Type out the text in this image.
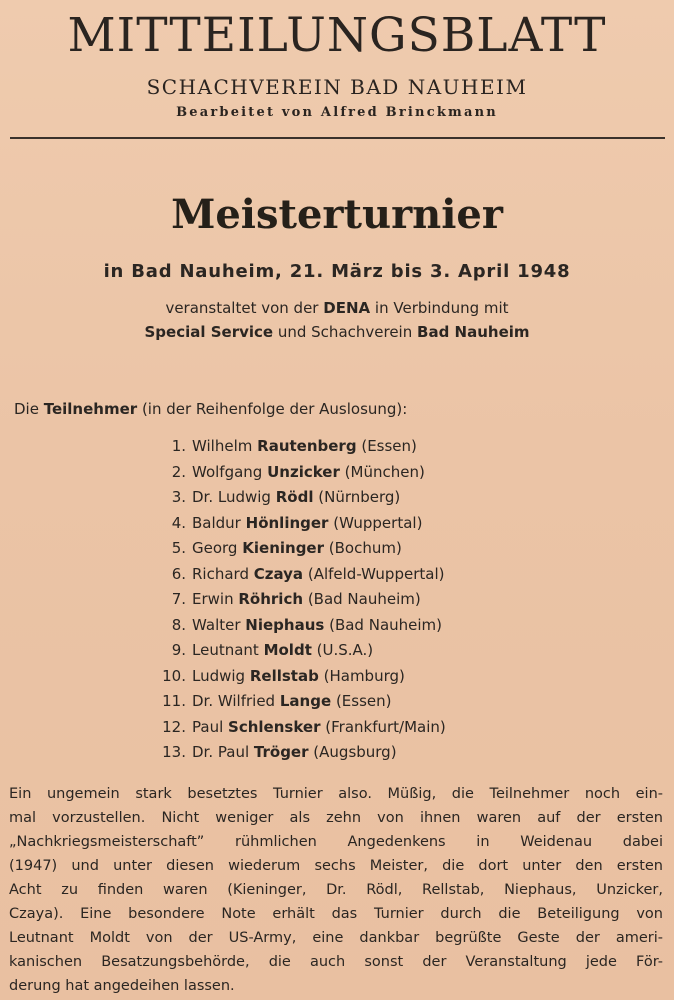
MITTEILUNGSBLATT
SCHACHVEREIN BAD NAUHEIM
Bearbeitet von Alfred Brinckmann
Meisterturnier
in Bad Nauheim, 21. März bis 3. April 1948
veranstaltet von der DENA in Verbindung mit
Special Service und Schachverein Bad Nauheim
Die Teilnehmer (in der Reihenfolge der Auslosung):
1. Wilhelm Rautenberg (Essen)
2. Wolfgang Unzicker (München)
3. Dr. Ludwig Rödl (Nürnberg)
4. Baldur Hönlinger (Wuppertal)
5. Georg Kieninger (Bochum)
6. Richard Czaya (Alfeld-Wuppertal)
7. Erwin Röhrich (Bad Nauheim)
8. Walter Niephaus (Bad Nauheim)
9. Leutnant Moldt (U.S.A.)
10. Ludwig Rellstab (Hamburg)
11. Dr. Wilfried Lange (Essen)
12. Paul Schlensker (Frankfurt/Main)
13. Dr. Paul Tröger (Augsburg)
Ein ungemein stark besetztes Turnier also. Müßig, die Teilnehmer noch ein-
mal vorzustellen. Nicht weniger als zehn von ihnen waren auf der ersten
„Nachkriegsmeisterschaft” rühmlichen Angedenkens in Weidenau dabei
(1947) und unter diesen wiederum sechs Meister, die dort unter den ersten
Acht zu finden waren (Kieninger, Dr. Rödl, Rellstab, Niephaus, Unzicker,
Czaya). Eine besondere Note erhält das Turnier durch die Beteiligung von
Leutnant Moldt von der US-Army, eine dankbar begrüßte Geste der ameri-
kanischen Besatzungsbehörde, die auch sonst der Veranstaltung jede För-
derung hat angedeihen lassen.
